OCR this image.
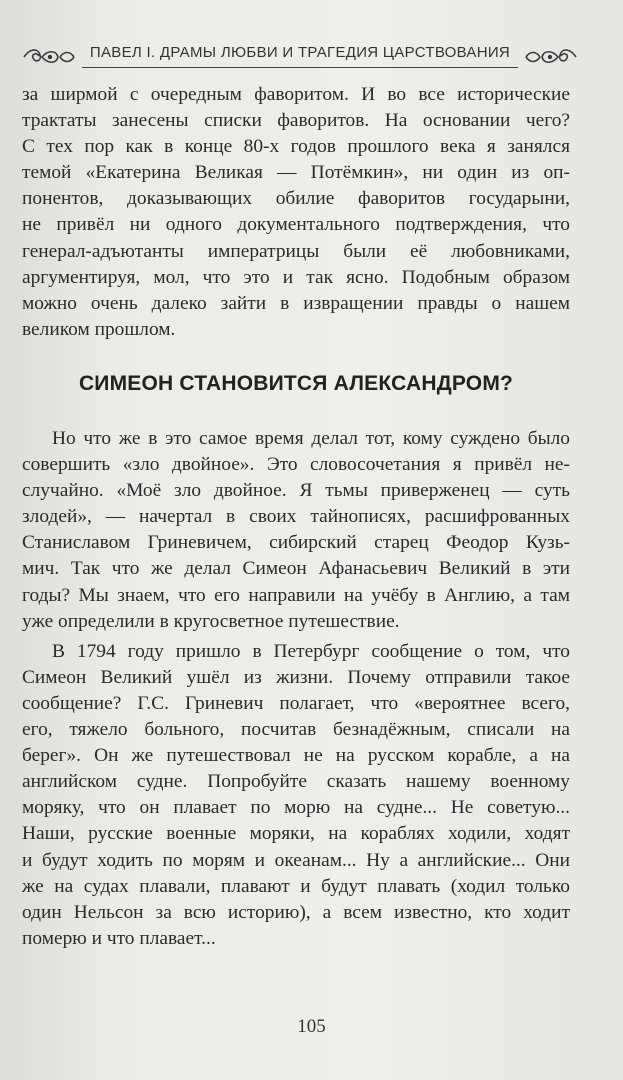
ПАВЕЛ I. ДРАМЫ ЛЮБВИ И ТРАГЕДИЯ ЦАРСТВОВАНИЯ
за ширмой с очередным фаворитом. И во все исторические
трактаты занесены списки фаворитов. На основании чего?
С тех пор как в конце 80-х годов прошлого века я занялся
темой «Екатерина Великая — Потёмкин», ни один из оп-
понентов, доказывающих обилие фаворитов государыни,
не привёл ни одного документального подтверждения, что
генерал-адъютанты императрицы были её любовниками,
аргументируя, мол, что это и так ясно. Подобным образом
можно очень далеко зайти в извращении правды о нашем
великом прошлом.
СИМЕОН СТАНОВИТСЯ АЛЕКСАНДРОМ?
Но что же в это самое время делал тот, кому суждено было
совершить «зло двойное». Это словосочетания я привёл не-
случайно. «Моё зло двойное. Я тьмы приверженец — суть
злодей», — начертал в своих тайнописях, расшифрованных
Станиславом Гриневичем, сибирский старец Феодор Кузь-
мич. Так что же делал Симеон Афанасьевич Великий в эти
годы? Мы знаем, что его направили на учёбу в Англию, а там
уже определили в кругосветное путешествие.
В 1794 году пришло в Петербург сообщение о том, что
Симеон Великий ушёл из жизни. Почему отправили такое
сообщение? Г.С. Гриневич полагает, что «вероятнее всего,
его, тяжело больного, посчитав безнадёжным, списали на
берег». Он же путешествовал не на русском корабле, а на
английском судне. Попробуйте сказать нашему военному
моряку, что он плавает по морю на судне... Не советую...
Наши, русские военные моряки, на кораблях ходили, ходят
и будут ходить по морям и океанам... Ну а английские... Они
же на судах плавали, плавают и будут плавать (ходил только
один Нельсон за всю историю), а всем известно, кто ходит
померю и что плавает...
105
